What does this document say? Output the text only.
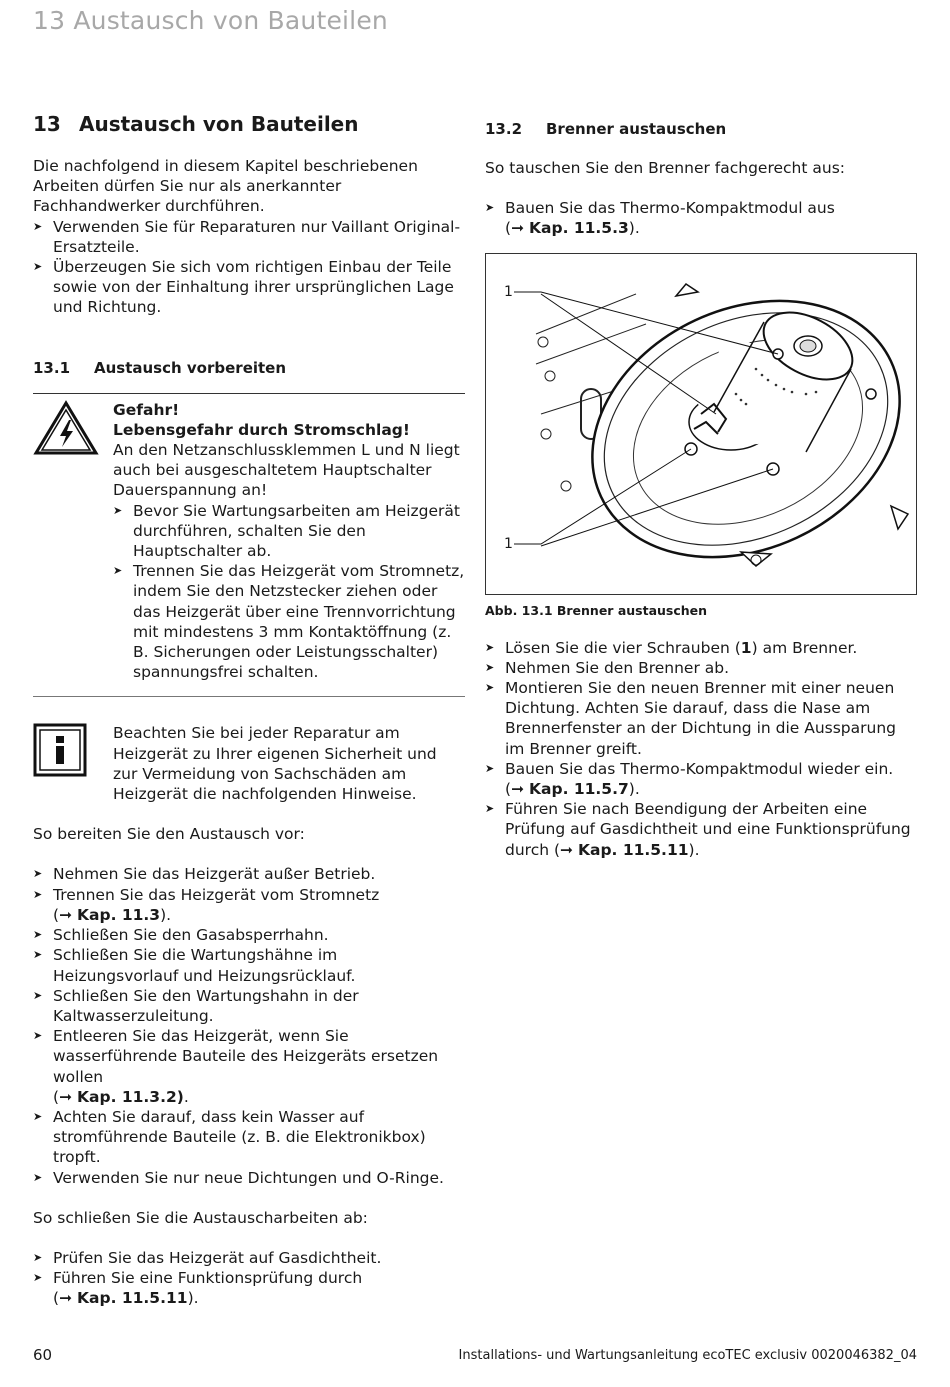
13 Austausch von Bauteilen
13 Austausch von Bauteilen

Die nachfolgend in diesem Kapitel beschriebenen Arbeiten dürfen Sie nur als anerkannter Fachhandwerker durchführen.

➤ Verwenden Sie für Reparaturen nur Vaillant Original-Ersatzteile.
➤ Überzeugen Sie sich vom richtigen Einbau der Teile sowie von der Einhaltung ihrer ursprünglichen Lage und Richtung.
13.1	Austausch vorbereiten

Gefahr!

Lebensgefahr durch Stromschlag!

An den Netzanschlussklemmen L und N liegt auch bei ausgeschaltetem Hauptschalter Dauerspannung an!

➤ Bevor Sie Wartungsarbeiten am Heizgerät durchführen, schalten Sie den Hauptschalter ab.
➤ Trennen Sie das Heizgerät vom Stromnetz, indem Sie den Netzstecker ziehen oder das Heizgerät über eine Trennvorrichtung mit mindestens 3 mm Kontaktöffnung (z. B. Sicherungen oder Leistungsschalter) spannungsfrei schalten.

Beachten Sie bei jeder Reparatur am Heizgerät zu Ihrer eigenen Sicherheit und zur Vermeidung von Sachschäden am Heizgerät die nachfolgenden Hinweise.

So bereiten Sie den Austausch vor:

➤ Nehmen Sie das Heizgerät außer Betrieb.
➤ Trennen Sie das Heizgerät vom Stromnetz
(➞ Kap. 11.3).
➤ Schließen Sie den Gasabsperrhahn.
➤ Schließen Sie die Wartungshähne im Heizungsvorlauf und Heizungsrücklauf.
➤ Schließen Sie den Wartungshahn in der Kaltwasserzuleitung.
➤ Entleeren Sie das Heizgerät, wenn Sie wasserführende Bauteile des Heizgeräts ersetzen wollen
(➞ Kap. 11.3.2).
➤ Achten Sie darauf, dass kein Wasser auf stromführende Bauteile (z. B. die Elektronikbox) tropft.
➤ Verwenden Sie nur neue Dichtungen und O-Ringe.

So schließen Sie die Austauscharbeiten ab:

➤ Prüfen Sie das Heizgerät auf Gasdichtheit.
➤ Führen Sie eine Funktionsprüfung durch
(➞ Kap. 11.5.11).
13.2	Brenner austauschen

So tauschen Sie den Brenner fachgerecht aus:

➤ Bauen Sie das Thermo-Kompaktmodul aus
(➞ Kap. 11.5.3).
1
1
Abb. 13.1 Brenner austauschen
➤ Lösen Sie die vier Schrauben (1) am Brenner.
➤ Nehmen Sie den Brenner ab.
➤ Montieren Sie den neuen Brenner mit einer neuen Dichtung. Achten Sie darauf, dass die Nase am Brennerfenster an der Dichtung in die Aussparung im Brenner greift.
➤ Bauen Sie das Thermo-Kompaktmodul wieder ein.
(➞ Kap. 11.5.7).
➤ Führen Sie nach Beendigung der Arbeiten eine Prüfung auf Gasdichtheit und eine Funktionsprüfung durch (➞ Kap. 11.5.11).
60	Installations- und Wartungsanleitung ecoTEC exclusiv 0020046382_04
